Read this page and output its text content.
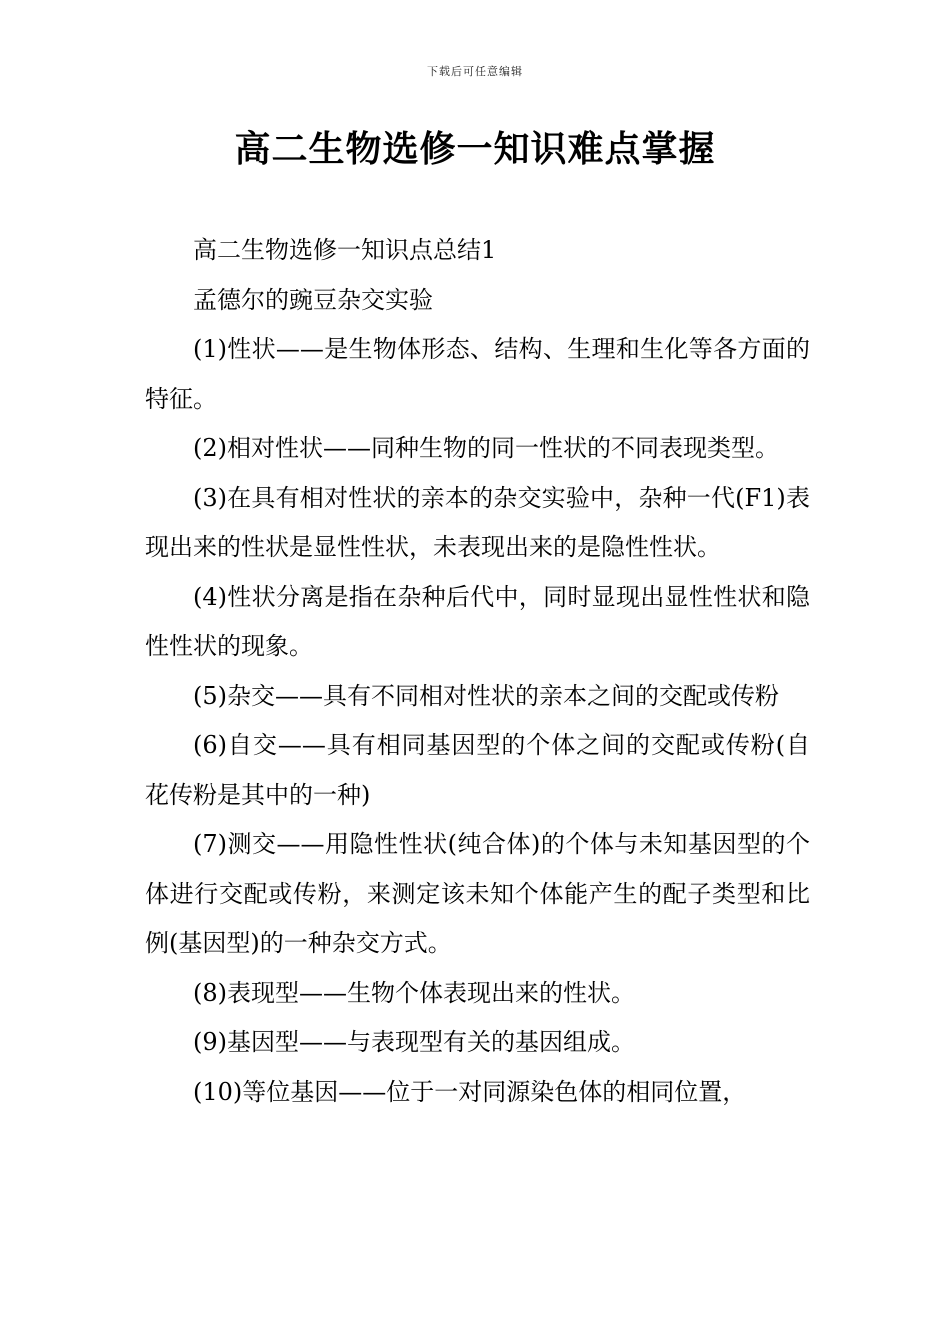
下载后可任意编辑
高二生物选修一知识难点掌握

高二生物选修一知识点总结1

孟德尔的豌豆杂交实验

(1)性状——是生物体形态、结构、生理和生化等各方面的特征。

(2)相对性状——同种生物的同一性状的不同表现类型。

(3)在具有相对性状的亲本的杂交实验中，杂种一代(F1)表现出来的性状是显性性状，未表现出来的是隐性性状。

(4)性状分离是指在杂种后代中，同时显现出显性性状和隐性性状的现象。

(5)杂交——具有不同相对性状的亲本之间的交配或传粉

(6)自交——具有相同基因型的个体之间的交配或传粉(自花传粉是其中的一种)

(7)测交——用隐性性状(纯合体)的个体与未知基因型的个体进行交配或传粉，来测定该未知个体能产生的配子类型和比例(基因型)的一种杂交方式。

(8)表现型——生物个体表现出来的性状。

(9)基因型——与表现型有关的基因组成。

(10)等位基因——位于一对同源染色体的相同位置，
